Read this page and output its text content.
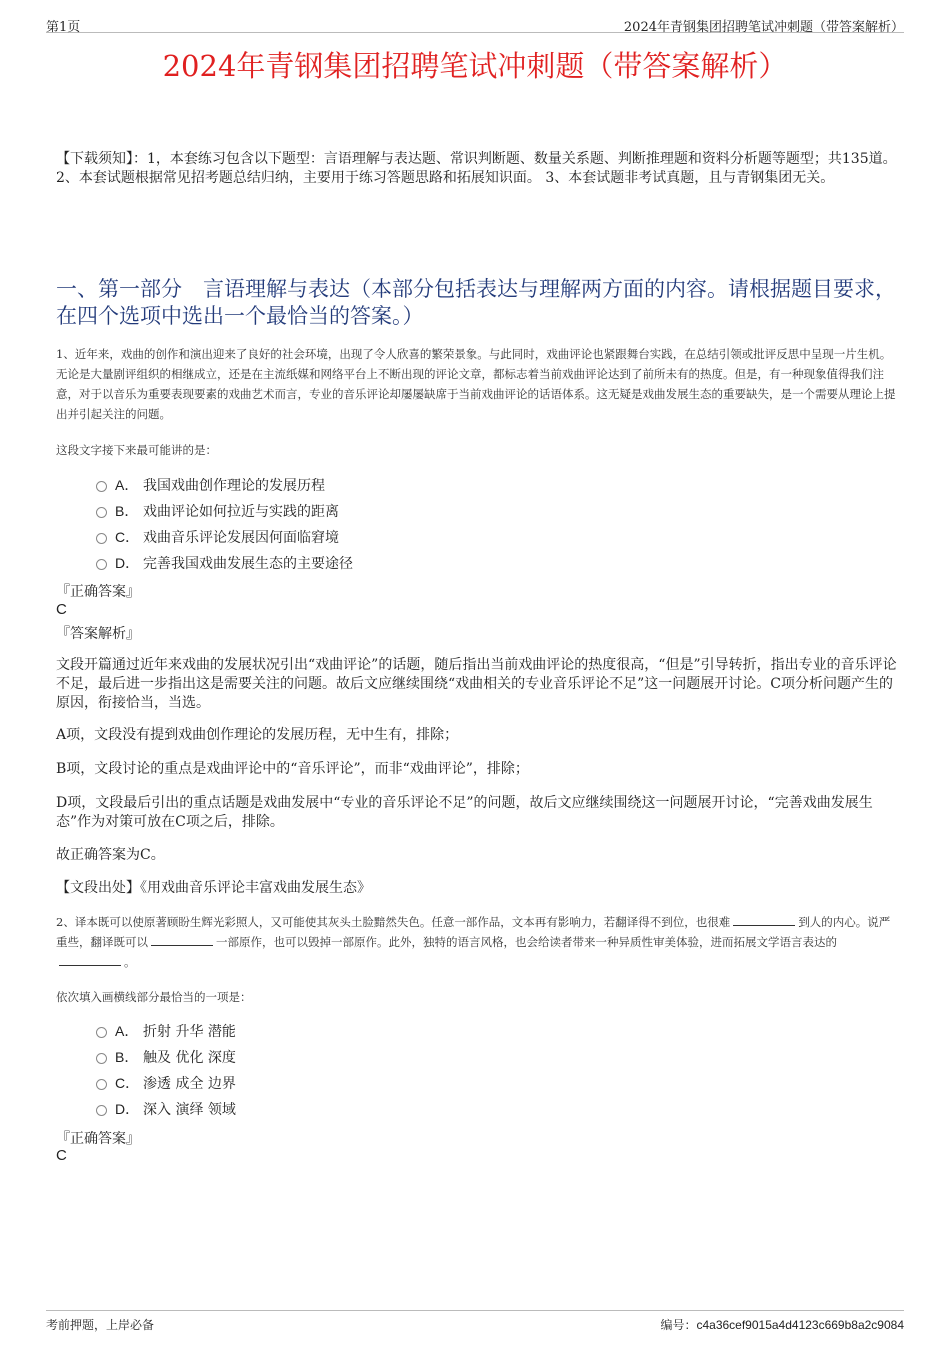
第1页	2024年青钢集团招聘笔试冲刺题（带答案解析）
2024年青钢集团招聘笔试冲刺题（带答案解析）
【下载须知】：1，本套练习包含以下题型：言语理解与表达题、常识判断题、数量关系题、判断推理题和资料分析题等题型；共135道。 2、本套试题根据常见招考题总结归纳，主要用于练习答题思路和拓展知识面。 3、本套试题非考试真题，且与青钢集团无关。
一、第一部分　言语理解与表达（本部分包括表达与理解两方面的内容。请根据题目要求，在四个选项中选出一个最恰当的答案。）
1、近年来，戏曲的创作和演出迎来了良好的社会环境，出现了令人欣喜的繁荣景象。与此同时，戏曲评论也紧跟舞台实践，在总结引领或批评反思中呈现一片生机。无论是大量剧评组织的相继成立，还是在主流纸媒和网络平台上不断出现的评论文章，都标志着当前戏曲评论达到了前所未有的热度。但是，有一种现象值得我们注意，对于以音乐为重要表现要素的戏曲艺术而言，专业的音乐评论却屡屡缺席于当前戏曲评论的话语体系。这无疑是戏曲发展生态的重要缺失，是一个需要从理论上提出并引起关注的问题。
这段文字接下来最可能讲的是：
A． 我国戏曲创作理论的发展历程
B． 戏曲评论如何拉近与实践的距离
C． 戏曲音乐评论发展因何面临窘境
D． 完善我国戏曲发展生态的主要途径
『正确答案』
C
『答案解析』
文段开篇通过近年来戏曲的发展状况引出“戏曲评论”的话题，随后指出当前戏曲评论的热度很高，“但是”引导转折，指出专业的音乐评论不足，最后进一步指出这是需要关注的问题。故后文应继续围绕“戏曲相关的专业音乐评论不足”这一问题展开讨论。C项分析问题产生的原因，衔接恰当，当选。
A项，文段没有提到戏曲创作理论的发展历程，无中生有，排除；
B项，文段讨论的重点是戏曲评论中的“音乐评论”，而非“戏曲评论”，排除；
D项，文段最后引出的重点话题是戏曲发展中“专业的音乐评论不足”的问题，故后文应继续围绕这一问题展开讨论，“完善戏曲发展生态”作为对策可放在C项之后，排除。
故正确答案为C。
【文段出处】《用戏曲音乐评论丰富戏曲发展生态》
2、译本既可以使原著顾盼生辉光彩照人，又可能使其灰头土脸黯然失色。任意一部作品，文本再有影响力，若翻译得不到位，也很难	到人的内心。说严重些，翻译既可以	一部原作，也可以毁掉一部原作。此外，独特的语言风格，也会给读者带来一种异质性审美体验，进而拓展文学语言表达的。
依次填入画横线部分最恰当的一项是：
A． 折射 升华 潜能
B． 触及 优化 深度
C． 渗透 成全 边界
D． 深入 演绎 领域
『正确答案』
C
考前押题，上岸必备	编号：c4a36cef9015a4d4123c669b8a2c9084
